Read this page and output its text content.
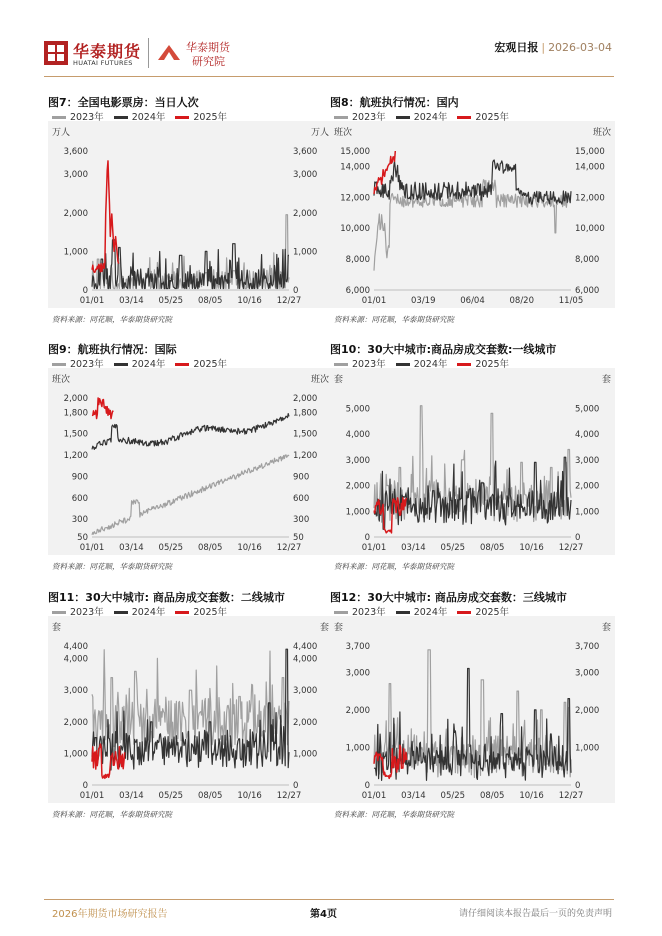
华泰期货
HUATAI FUTURES
华泰期货
研究院
宏观日报 | 2026-03-04
图7：全国电影票房：当日人次
2023年	2024年	2025年
万人	万人
0	0
1,000	1,000
2,000	2,000
3,000	3,000
3,600	3,600
01/01 03/14 05/25 08/05 10/16 12/27
资料来源：同花顺，华泰期货研究院
图8：航班执行情况：国内
2023年	2024年	2025年
班次	班次
6,000	6,000
8,000	8,000
10,000	10,000
12,000	12,000
14,000	14,000
15,000	15,000
01/01	03/19	06/04	08/20	11/05
资料来源：同花顺，华泰期货研究院
图9：航班执行情况：国际
2023年	2024年	2025年
班次	班次
50	50
300	300
600	600
900	900
1,200	1,200
1,500	1,500
1,800	1,800
2,000	2,000
01/01 03/14 05/25 08/05 10/16 12/27
资料来源：同花顺，华泰期货研究院
图10：30大中城市:商品房成交套数:一线城市
2023年	2024年	2025年
套	套
0	0
1,000	1,000
2,000	2,000
3,000	3,000
4,000	4,000
5,000	5,000
01/01 03/14 05/25 08/05 10/16 12/27
资料来源：同花顺，华泰期货研究院
图11：30大中城市: 商品房成交套数：二线城市
2023年	2024年	2025年
套	套
0	0
1,000	1,000
2,000	2,000
3,000	3,000
4,000	4,000
4,400	4,400
01/01 03/14 05/25 08/05 10/16 12/27
资料来源：同花顺，华泰期货研究院
图12：30大中城市: 商品房成交套数：三线城市
2023年	2024年	2025年
套	套
0	0
1,000	1,000
2,000	2,000
3,000	3,000
3,700	3,700
01/01 03/14 05/25 08/05 10/16 12/27
资料来源：同花顺，华泰期货研究院
2026年期货市场研究报告	第4页	请仔细阅读本报告最后一页的免责声明
